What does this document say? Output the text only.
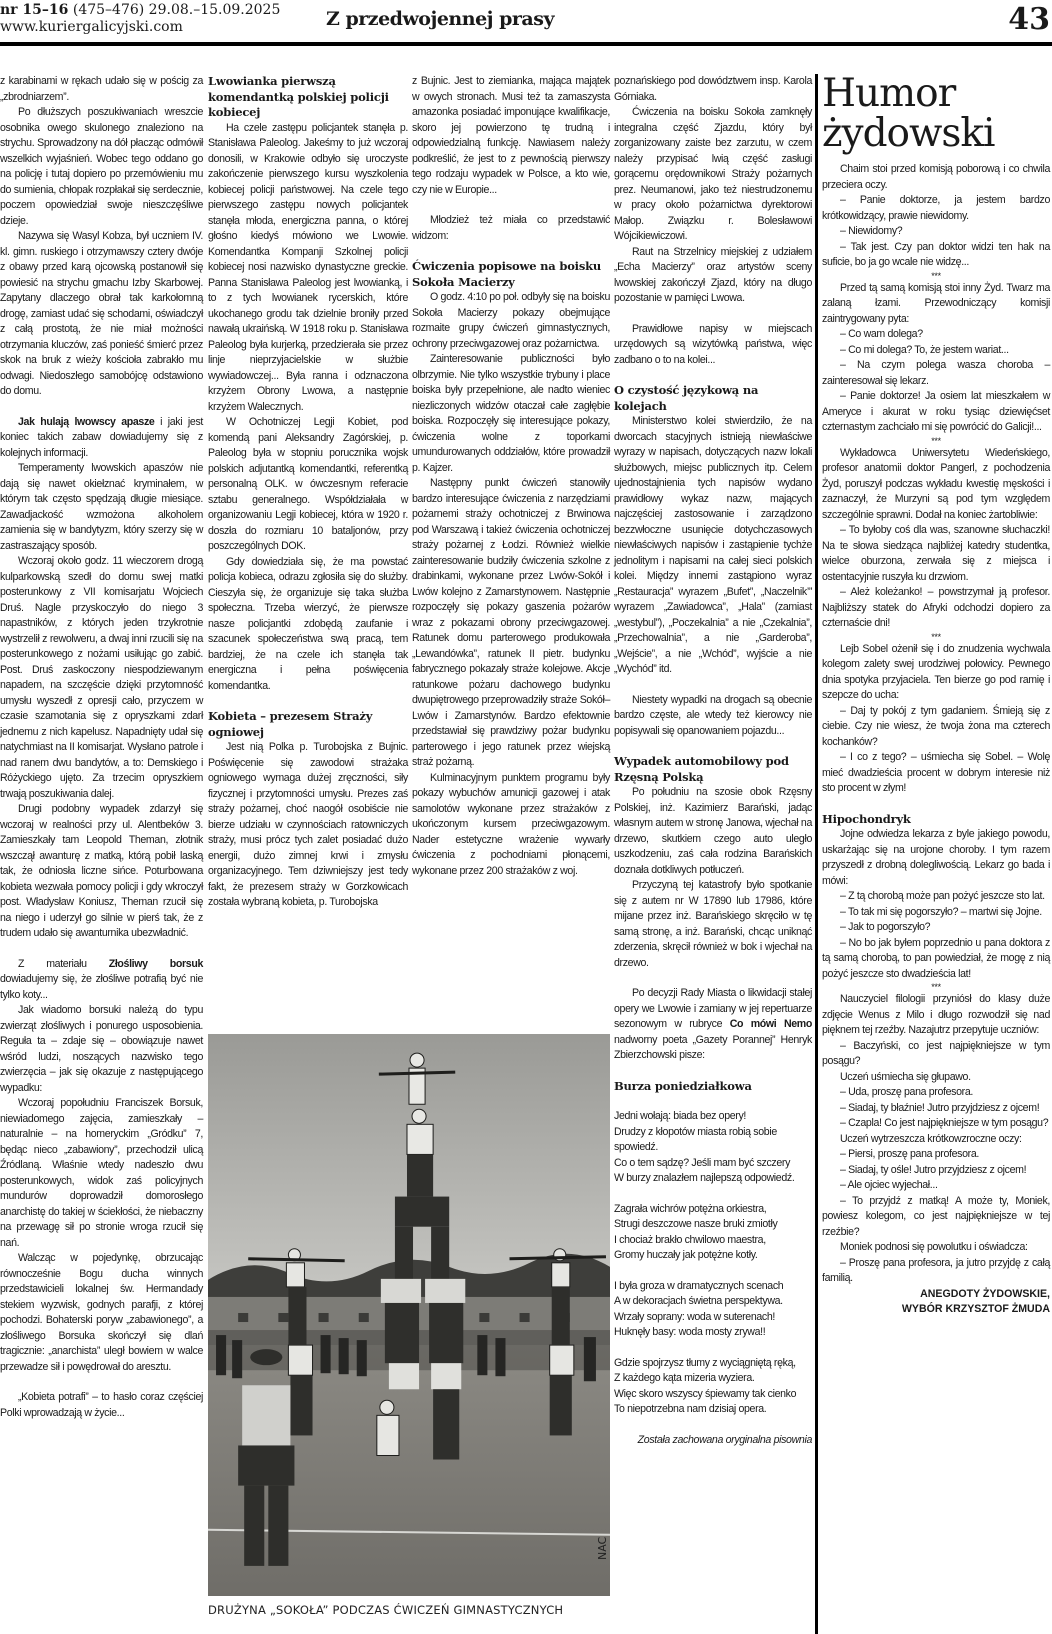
nr 15–16 (475–476) 29.08.–15.09.2025
www.kuriergalicyjski.com	Z przedwojennej prasy	43

z karabinami w rękach udało się w pościg za „zbrodniarzem”.

Po dłuższych poszukiwaniach wreszcie osobnika owego skulonego znaleziono na strychu. Sprowadzony na dół płacząc odmówił wszelkich wyjaśnień. Wobec tego oddano go na policję i tutaj dopiero po przemówieniu mu do sumienia, chłopak rozpłakał się serdecznie, poczem opowiedział swoje nieszczęśliwe dzieje.

Nazywa się Wasyl Kobza, był uczniem IV. kl. gimn. ruskiego i otrzymawszy cztery dwóje z obawy przed karą ojcowską postanowił się powiesić na strychu gmachu Izby Skarbowej. Zapytany dlaczego obrał tak karkołomną drogę, zamiast udać się schodami, oświadczył z całą prostotą, że nie miał możności otrzymania kluczów, zaś ponieść śmierć przez skok na bruk z wieży kościoła zabrakło mu odwagi. Niedoszłego samobójcę odstawiono do domu.

Jak hulają lwowscy apasze i jaki jest koniec takich zabaw dowiadujemy się z kolejnych informacji.

Temperamenty lwowskich apaszów nie dają się nawet okiełznać kryminałem, w którym tak często spędzają długie miesiące. Zawadjackość wzmożona alkoholem zamienia się w bandytyzm, który szerzy się w zastraszający sposób.

Wczoraj około godz. 11 wieczorem drogą kulparkowską szedł do domu swej matki posterunkowy z VII komisarjatu Wojciech Druś. Nagle przyskoczyło do niego 3 napastników, z których jeden trzykrotnie wystrzelił z rewolweru, a dwaj inni rzucili się na posterunkowego z nożami usiłując go zabić. Post. Druś zaskoczony niespodziewanym napadem, na szczęście dzięki przytomność umysłu wyszedł z opresji cało, przyczem w czasie szamotania się z opryszkami zdarł jednemu z nich kapelusz. Napadnięty udał się natychmiast na II komisarjat. Wysłano patrole i nad ranem dwu bandytów, a to: Demskiego i Różyckiego ujęto. Za trzecim opryszkiem trwają poszukiwania dalej.

Drugi podobny wypadek zdarzył się wczoraj w realności przy ul. Alentbeków 3. Zamieszkały tam Leopold Theman, złotnik wszczął awanturę z matką, którą pobił laską tak, że odniosła liczne sińce. Poturbowana kobieta wezwała pomocy policji i gdy wkroczył post. Władysław Koniusz, Theman rzucił się na niego i uderzył go silnie w pierś tak, że z trudem udało się awanturnika ubezwładnić.

Z materiału Złośliwy borsuk dowiadujemy się, że złośliwe potrafią być nie tylko koty...

Jak wiadomo borsuki należą do typu zwierząt złośliwych i ponurego usposobienia. Reguła ta – zdaje się – obowiązuje nawet wśród ludzi, noszących nazwisko tego zwierzęcia – jak się okazuje z następującego wypadku:

Wczoraj popołudniu Franciszek Borsuk, niewiadomego zajęcia, zamieszkały – naturalnie – na homeryckim „Gródku” 7, będąc nieco „zabawiony”, przechodził ulicą Źródlaną. Właśnie wtedy nadeszło dwu posterunkowych, widok zaś policyjnych mundurów doprowadził domorosłego anarchistę do takiej w ściekłości, że niebaczny na przewagę sił po stronie wroga rzucił się nań.

Walcząc w pojedynkę, obrzucając równocześnie Bogu ducha winnych przedstawicieli lokalnej św. Hermandady stekiem wyzwisk, godnych parafji, z której pochodzi. Bohaterski poryw „zabawionego”, a złośliwego Borsuka skończył się dlań tragicznie: „anarchista” uległ bowiem w walce przewadze sił i powędrował do aresztu.

„Kobieta potrafi” – to hasło coraz częściej Polki wprowadzają w życie...

Lwowianka pierwszą komendantką polskiej policji kobiecej

Ha czele zastępu policjantek stanęła p. Stanisława Paleolog. Jakeśmy to już wczoraj donosili, w Krakowie odbyło się uroczyste zakończenie pierwszego kursu wyszkolenia kobiecej policji państwowej. Na czele tego pierwszego zastępu nowych policjantek stanęła młoda, energiczna panna, o której głośno kiedyś mówiono we Lwowie. Komendantka Kompanji Szkolnej policji kobiecej nosi nazwisko dynastyczne greckie. Panna Stanisława Paleolog jest lwowianką, i to z tych lwowianek rycerskich, które ukochanego grodu tak dzielnie broniły przed nawałą ukraińską. W 1918 roku p. Stanisława Paleolog była kurjerką, przedzierała sie przez linje nieprzyjacielskie w służbie wywiadowczej... Była ranna i odznaczona krzyżem Obrony Lwowa, a następnie krzyżem Walecznych.

W Ochotniczej Legji Kobiet, pod komendą pani Aleksandry Zagórskiej, p. Paleolog była w stopniu porucznika wojsk polskich adjutantką komendantki, referentką personalną OLK. w ówczesnym referacie sztabu generalnego. Współdziałała w organizowaniu Legji kobiecej, która w 1920 r. doszła do rozmiaru 10 bataljonów, przy poszczególnych DOK.

Gdy dowiedziała się, że ma powstać policja kobieca, odrazu zgłosiła się do służby. Cieszyła się, że organizuje się taka służba społeczna. Trzeba wierzyć, że pierwsze nasze policjantki zdobędą zaufanie i szacunek społeczeństwa swą pracą, tem bardziej, że na czele ich stanęła tak energiczna i pełna poświęcenia komendantka.

Kobieta – prezesem Straży ogniowej

Jest nią Polka p. Turobojska z Bujnic. Poświęcenie się zawodowi strażaka ogniowego wymaga dużej zręczności, siły fizycznej i przytomności umysłu. Prezes zaś straży pożarnej, choć naogół osobiście nie bierze udziału w czynnościach ratowniczych straży, musi prócz tych zalet posiadać dużo energii, dużo zimnej krwi i zmysłu organizacyjnego. Tem dziwniejszy jest tedy fakt, że prezesem straży w Gorzkowicach została wybraną kobieta, p. Turobojska

z Bujnic. Jest to ziemianka, mająca majątek w owych stronach. Musi też ta zamaszysta amazonka posiadać imponujące kwalifikacje, skoro jej powierzono tę trudną i odpowiedzialną funkcję. Nawiasem należy podkreślić, że jest to z pewnością pierwszy tego rodzaju wypadek w Polsce, a kto wie, czy nie w Europie...

Młodzież też miała co przedstawić widzom:

Ćwiczenia popisowe na boisku Sokoła Macierzy

O godz. 4:10 po poł. odbyły się na boisku Sokoła Macierzy pokazy obejmujące rozmaite grupy ćwiczeń gimnastycznych, ochrony przeciwgazowej oraz pożarnictwa.

Zainteresowanie publiczności było olbrzymie. Nie tylko wszystkie trybuny i place boiska były przepełnione, ale nadto wieniec niezliczonych widzów otaczał całe zagłębie boiska. Rozpoczęły się interesujące pokazy, ćwiczenia wolne z toporkami umundurowanych oddziałów, które prowadził p. Kajzer.

Następny punkt ćwiczeń stanowiły bardzo interesujące ćwiczenia z narzędziami pożarnemi straży ochotniczej z Brwinowa pod Warszawą i takież ćwiczenia ochotniczej straży pożarnej z Łodzi. Również wielkie zainteresowanie budziły ćwiczenia szkolne z drabinkami, wykonane przez Lwów-Sokół i Lwów kolejno z Zamarstynowem. Następnie rozpoczęły się pokazy gaszenia pożarów wraz z pokazami obrony przeciwgazowej. Ratunek domu parterowego produkowała „Lewandówka”, ratunek II pietr. budynku fabrycznego pokazały straże kolejowe. Akcje ratunkowe pożaru dachowego budynku dwupiętrowego przeprowadziły straże Sokół–Lwów i Zamarstynów. Bardzo efektownie przedstawiał się prawdziwy pożar budynku parterowego i jego ratunek przez wiejską straż pożarną.

Kulminacyjnym punktem programu były pokazy wybuchów amunicji gazowej i atak samolotów wykonane przez strażaków z ukończonym kursem przeciwgazowym. Nader estetyczne wrażenie wywarły ćwiczenia z pochodniami płonącemi, wykonane przez 200 strażaków z woj.

poznańskiego pod dowództwem insp. Karola Górniaka.

Ćwiczenia na boisku Sokoła zamknęły integralna część Zjazdu, który był zorganizowany zaiste bez zarzutu, w czem należy przypisać lwią część zasługi gorącemu orędownikowi Straży pożarnych prez. Neumanowi, jako też niestrudzonemu w pracy około pożarnictwa dyrektorowi Małop. Związku r. Bolesławowi Wójcikiewiczowi.

Raut na Strzelnicy miejskiej z udziałem „Echa Macierzy” oraz artystów sceny lwowskiej zakończył Zjazd, który na długo pozostanie w pamięci Lwowa.

Prawidłowe napisy w miejscach urzędowych są wizytówką państwa, więc zadbano o to na kolei...

O czystość językową na kolejach

Ministerstwo kolei stwierdziło, że na dworcach stacyjnych istnieją niewłaściwe wyrazy w napisach, dotyczących nazw lokali służbowych, miejsc publicznych itp. Celem ujednostajnienia tych napisów wydano prawidłowy wykaz nazw, mających najczęściej zastosowanie i zarządzono bezzwłoczne usunięcie dotychczasowych niewłaściwych napisów i zastąpienie tychże jednolitym i napisami na całej sieci polskich kolei. Między innemi zastąpiono wyraz „Restauracja” wyrazem „Bufet”, „Naczelnik’” wyrazem „Zawiadowca”, „Hala” (zamiast „westybul”), „Poczekalnia” a nie „Czekalnia”, „Przechowalnia”, a nie „Garderoba”, „Wejście”, a nie „Wchód”, wyjście a nie „Wychód” itd.

Niestety wypadki na drogach są obecnie bardzo częste, ale wtedy też kierowcy nie popisywali się opanowaniem pojazdu...

Wypadek automobilowy pod Rzęsną Polską

Po południu na szosie obok Rzęsny Polskiej, inż. Kazimierz Barański, jadąc własnym autem w stronę Janowa, wjechał na drzewo, skutkiem czego auto uległo uszkodzeniu, zaś cała rodzina Barańskich doznała dotkliwych potłuczeń.

Przyczyną tej katastrofy było spotkanie się z autem nr W 17890 lub 17986, które mijane przez inż. Barańskiego skręciło w tę samą stronę, a inż. Barański, chcąc uniknąć zderzenia, skręcił również w bok i wjechał na drzewo.

Po decyzji Rady Miasta o likwidacji stałej opery we Lwowie i zamiany w jej repertuarze sezonowym w rubryce Co mówi Nemo nadworny poeta „Gazety Porannej” Henryk Zbierzchowski pisze:

Burza poniedziałkowa

Jedni wołają: biada bez opery!

Drudzy z kłopotów miasta robią sobie spowiedź.

Co o tem sądzę? Jeśli mam być szczery

W burzy znalazłem najlepszą odpowiedź.

Zagrała wichrów potężna orkiestra,

Strugi deszczowe nasze bruki zmiotły

I chociaż brakło chwilowo maestra,

Gromy huczały jak potężne kotły.

I była groza w dramatycznych scenach

A w dekoracjach świetna perspektywa.

Wrzały soprany: woda w suterenach!

Huknęły basy: woda mosty zrywa!!

Gdzie spojrzysz tłumy z wyciągniętą ręką,

Z każdego kąta mizeria wyziera.

Więc skoro wszyscy śpiewamy tak cienko

To niepotrzebna nam dzisiaj opera.

Została zachowana oryginalna pisownia

Humor
żydowski

Chaim stoi przed komisją poborową i co chwila przeciera oczy.

– Panie doktorze, ja jestem bardzo krótkowidzący, prawie niewidomy.

– Niewidomy?

– Tak jest. Czy pan doktor widzi ten hak na suficie, bo ja go wcale nie widzę...

***

Przed tą samą komisją stoi inny Żyd. Twarz ma zalaną łzami. Przewodniczący komisji zaintrygowany pyta:

– Co wam dolega?

– Co mi dolega? To, że jestem wariat...

– Na czym polega wasza choroba – zainteresował się lekarz.

– Panie doktorze! Ja osiem lat mieszkałem w Ameryce i akurat w roku tysiąc dziewięćset czternastym zachciało mi się powrócić do Galicji!...

***

Wykładowca Uniwersytetu Wiedeńskiego, profesor anatomii doktor Pangerl, z pochodzenia Żyd, poruszył podczas wykładu kwestię męskości i zaznaczył, że Murzyni są pod tym względem szczególnie sprawni. Dodał na koniec żartobliwie:

– To byłoby coś dla was, szanowne słuchaczki! Na te słowa siedząca najbliżej katedry studentka, wielce oburzona, zerwała się z miejsca i ostentacyjnie ruszyła ku drzwiom.

– Ależ koleżanko! – powstrzymał ją profesor. Najbliższy statek do Afryki odchodzi dopiero za czternaście dni!

***

Lejb Sobel ożenił się i do znudzenia wychwala kolegom zalety swej urodziwej połowicy. Pewnego dnia spotyka przyjaciela. Ten bierze go pod ramię i szepcze do ucha:

– Daj ty pokój z tym gadaniem. Śmieją się z ciebie. Czy nie wiesz, że twoja żona ma czterech kochanków?

– I co z tego? – uśmiecha się Sobel. – Wolę mieć dwadzieścia procent w dobrym interesie niż sto procent w złym!

Hipochondryk

Jojne odwiedza lekarza z byle jakiego powodu, uskarżając się na urojone choroby. I tym razem przyszedł z drobną dolegliwością. Lekarz go bada i mówi:

– Z tą chorobą może pan pożyć jeszcze sto lat.

– To tak mi się pogorszyło? – martwi się Jojne.

– Jak to pogorszyło?

– No bo jak byłem poprzednio u pana doktora z tą samą chorobą, to pan powiedział, że mogę z nią pożyć jeszcze sto dwadzieścia lat!

***

Nauczyciel filologii przyniósł do klasy duże zdjęcie Wenus z Milo i długo rozwodził się nad pięknem tej rzeźby. Nazajutrz przepytuje uczniów:

– Baczyński, co jest najpiękniejsze w tym posągu?

Uczeń uśmiecha się głupawo.

– Uda, proszę pana profesora.

– Siadaj, ty błaźnie! Jutro przyjdziesz z ojcem!

– Czapla! Co jest najpiękniejsze w tym posągu?

Uczeń wytrzeszcza krótkowzroczne oczy:

– Piersi, proszę pana profesora.

– Siadaj, ty ośle! Jutro przyjdziesz z ojcem!

– Ale ojciec wyjechał...

– To przyjdź z matką! A może ty, Moniek, powiesz kolegom, co jest najpiękniejsze w tej rzeźbie?

Moniek podnosi się powolutku i oświadcza:

– Proszę pana profesora, ja jutro przyjdę z całą familią.

ANEGDOTY ŻYDOWSKIE,

WYBÓR KRZYSZTOF ŻMUDA

DRUŻYNA „SOKOŁA” PODCZAS ĆWICZEŃ GIMNASTYCZNYCH
NAC
